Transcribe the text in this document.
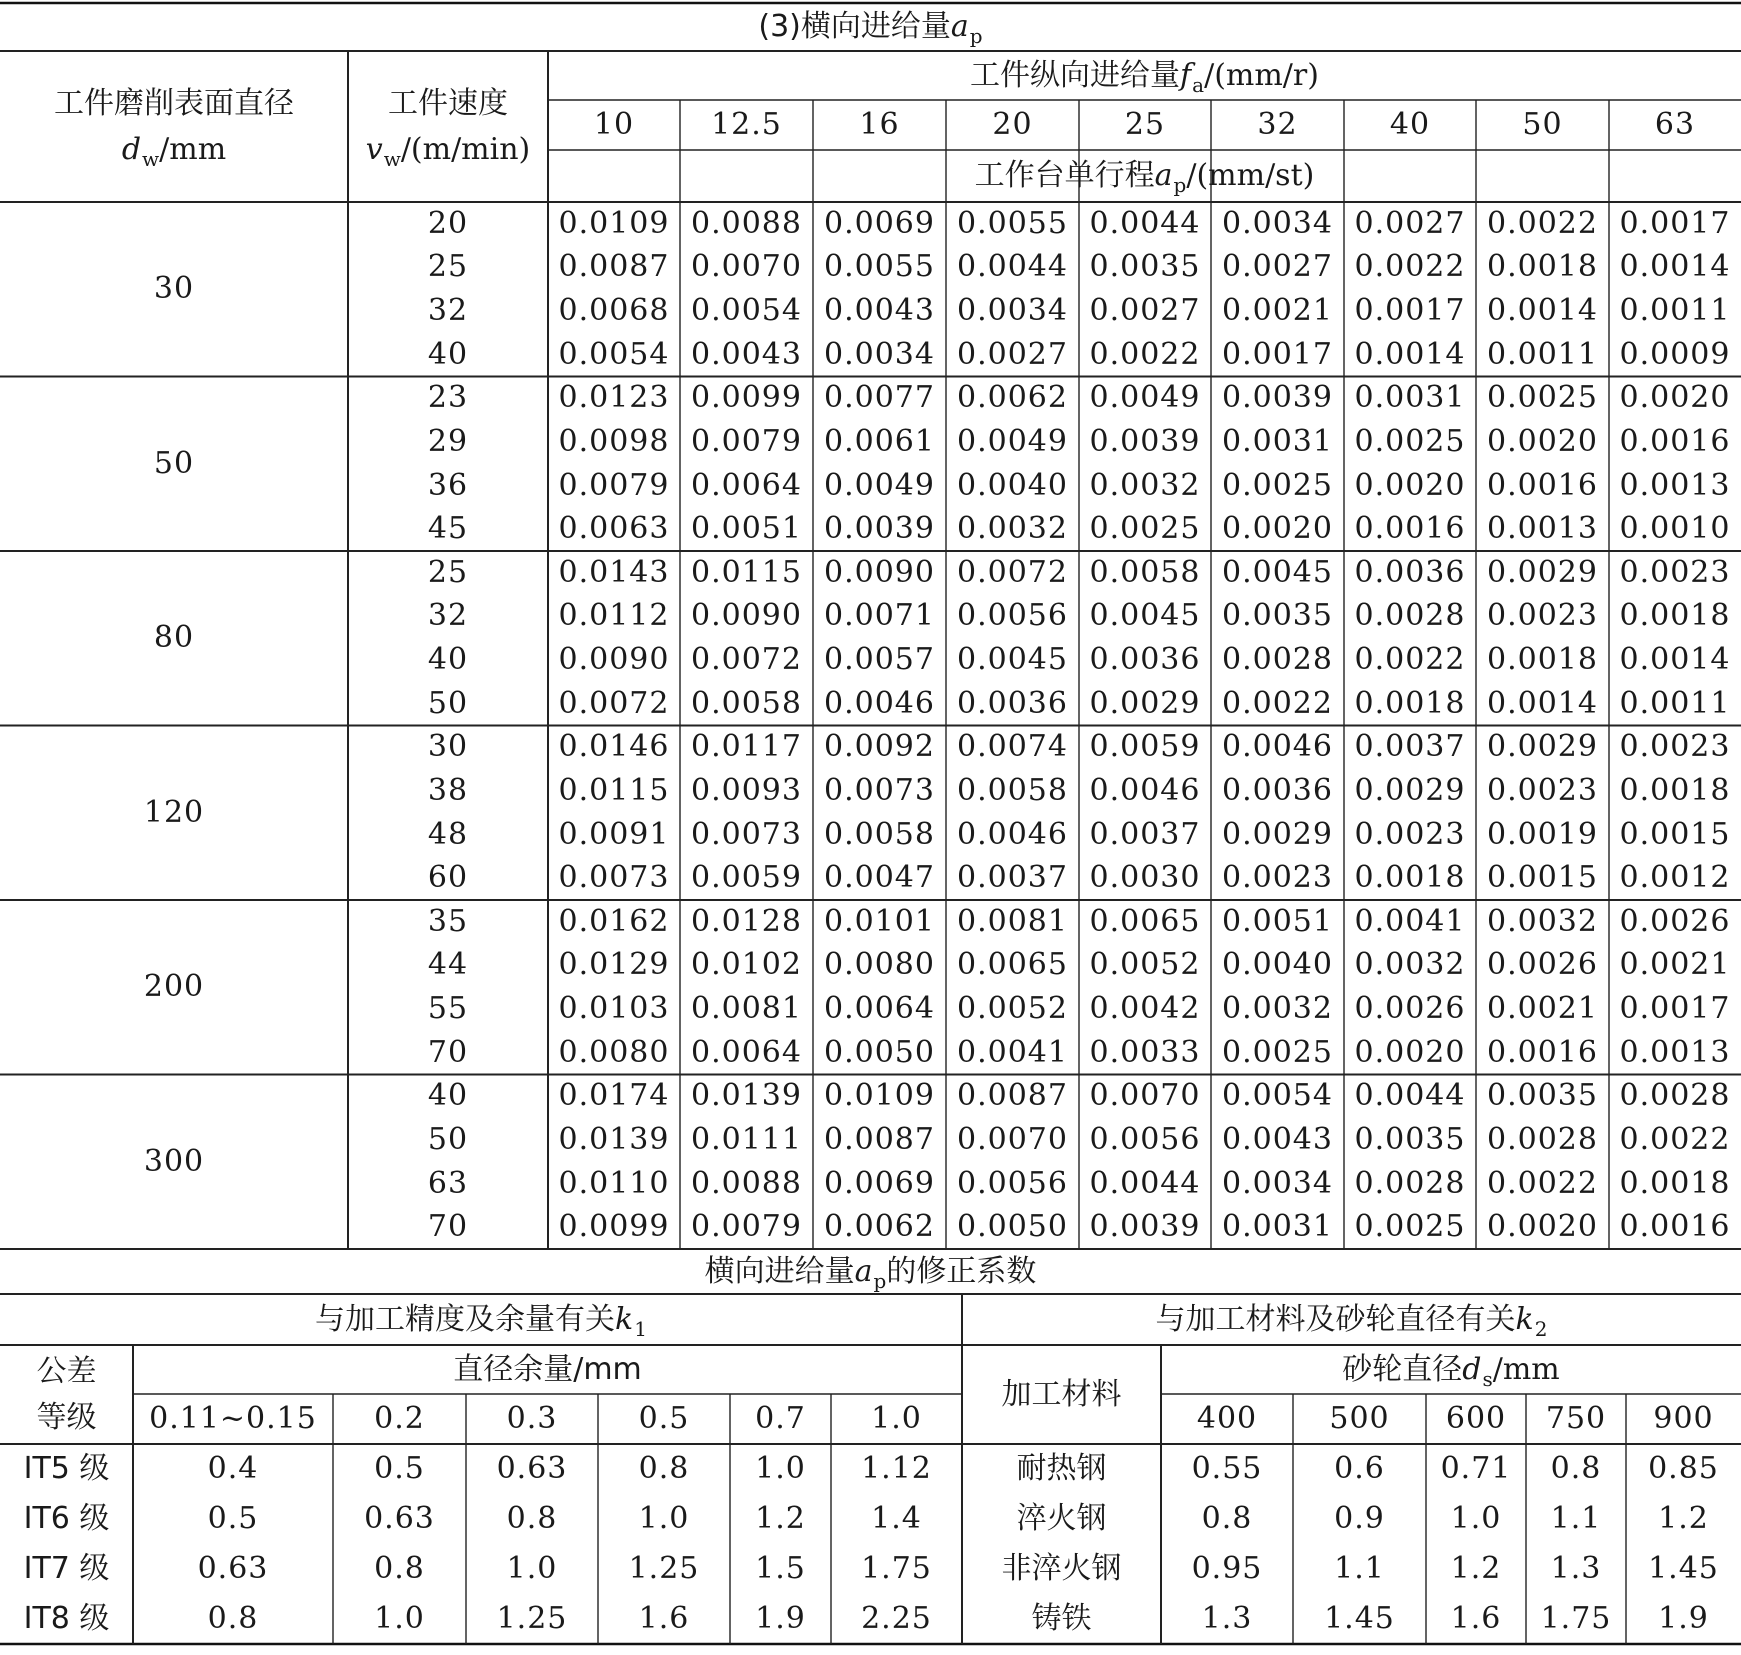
(3)横向进给量 a p
工件磨削表面直径
d w /mm
工件速度
v w /(m/min)
工件纵向进给量 f a /(mm/r)
10	12.5	16	20	25	32	40	50	63
工作台单行程 a p /(mm/st)
30
20	0.0109 0.0088 0.0069 0.0055 0.0044 0.0034 0.0027 0.0022 0.0017
25	0.0087 0.0070 0.0055 0.0044 0.0035 0.0027 0.0022 0.0018 0.0014
32	0.0068 0.0054 0.0043 0.0034 0.0027 0.0021 0.0017 0.0014 0.0011
40	0.0054 0.0043 0.0034 0.0027 0.0022 0.0017 0.0014 0.0011 0.0009
50
23	0.0123 0.0099 0.0077 0.0062 0.0049 0.0039 0.0031 0.0025 0.0020
29	0.0098 0.0079 0.0061 0.0049 0.0039 0.0031 0.0025 0.0020 0.0016
36	0.0079 0.0064 0.0049 0.0040 0.0032 0.0025 0.0020 0.0016 0.0013
45	0.0063 0.0051 0.0039 0.0032 0.0025 0.0020 0.0016 0.0013 0.0010
80
25	0.0143 0.0115 0.0090 0.0072 0.0058 0.0045 0.0036 0.0029 0.0023
32	0.0112 0.0090 0.0071 0.0056 0.0045 0.0035 0.0028 0.0023 0.0018
40	0.0090 0.0072 0.0057 0.0045 0.0036 0.0028 0.0022 0.0018 0.0014
50	0.0072 0.0058 0.0046 0.0036 0.0029 0.0022 0.0018 0.0014 0.0011
120
30	0.0146 0.0117 0.0092 0.0074 0.0059 0.0046 0.0037 0.0029 0.0023
38	0.0115 0.0093 0.0073 0.0058 0.0046 0.0036 0.0029 0.0023 0.0018
48	0.0091 0.0073 0.0058 0.0046 0.0037 0.0029 0.0023 0.0019 0.0015
60	0.0073 0.0059 0.0047 0.0037 0.0030 0.0023 0.0018 0.0015 0.0012
200
35	0.0162 0.0128 0.0101 0.0081 0.0065 0.0051 0.0041 0.0032 0.0026
44	0.0129 0.0102 0.0080 0.0065 0.0052 0.0040 0.0032 0.0026 0.0021
55	0.0103 0.0081 0.0064 0.0052 0.0042 0.0032 0.0026 0.0021 0.0017
70	0.0080 0.0064 0.0050 0.0041 0.0033 0.0025 0.0020 0.0016 0.0013
300
40	0.0174 0.0139 0.0109 0.0087 0.0070 0.0054 0.0044 0.0035 0.0028
50	0.0139 0.0111 0.0087 0.0070 0.0056 0.0043 0.0035 0.0028 0.0022
63	0.0110 0.0088 0.0069 0.0056 0.0044 0.0034 0.0028 0.0022 0.0018
70	0.0099 0.0079 0.0062 0.0050 0.0039 0.0031 0.0025 0.0020 0.0016
横向进给量 a p 的修正系数
与加工精度及余量有关 k 1	与加工材料及砂轮直径有关 k 2
公差
等级
直径余量/mm
加工材料
砂轮直径 d s /mm
0.11~0.15 0.2	0.3	0.5 0.7 1.0	400 500 600 750 900
IT5 级	0.4	0.5 0.63 0.8 1.0 1.12	耐热钢	0.55 0.6 0.71 0.8 0.85
IT6 级	0.5	0.63 0.8	1.0 1.2 1.4	淬火钢	0.8	0.9 1.0 1.1 1.2
IT7 级	0.63	0.8	1.0 1.25 1.5 1.75 非淬火钢 0.95 1.1 1.2 1.3 1.45
IT8 级	0.8	1.0 1.25 1.6 1.9 2.25	铸铁	1.3 1.45 1.6 1.75 1.9
